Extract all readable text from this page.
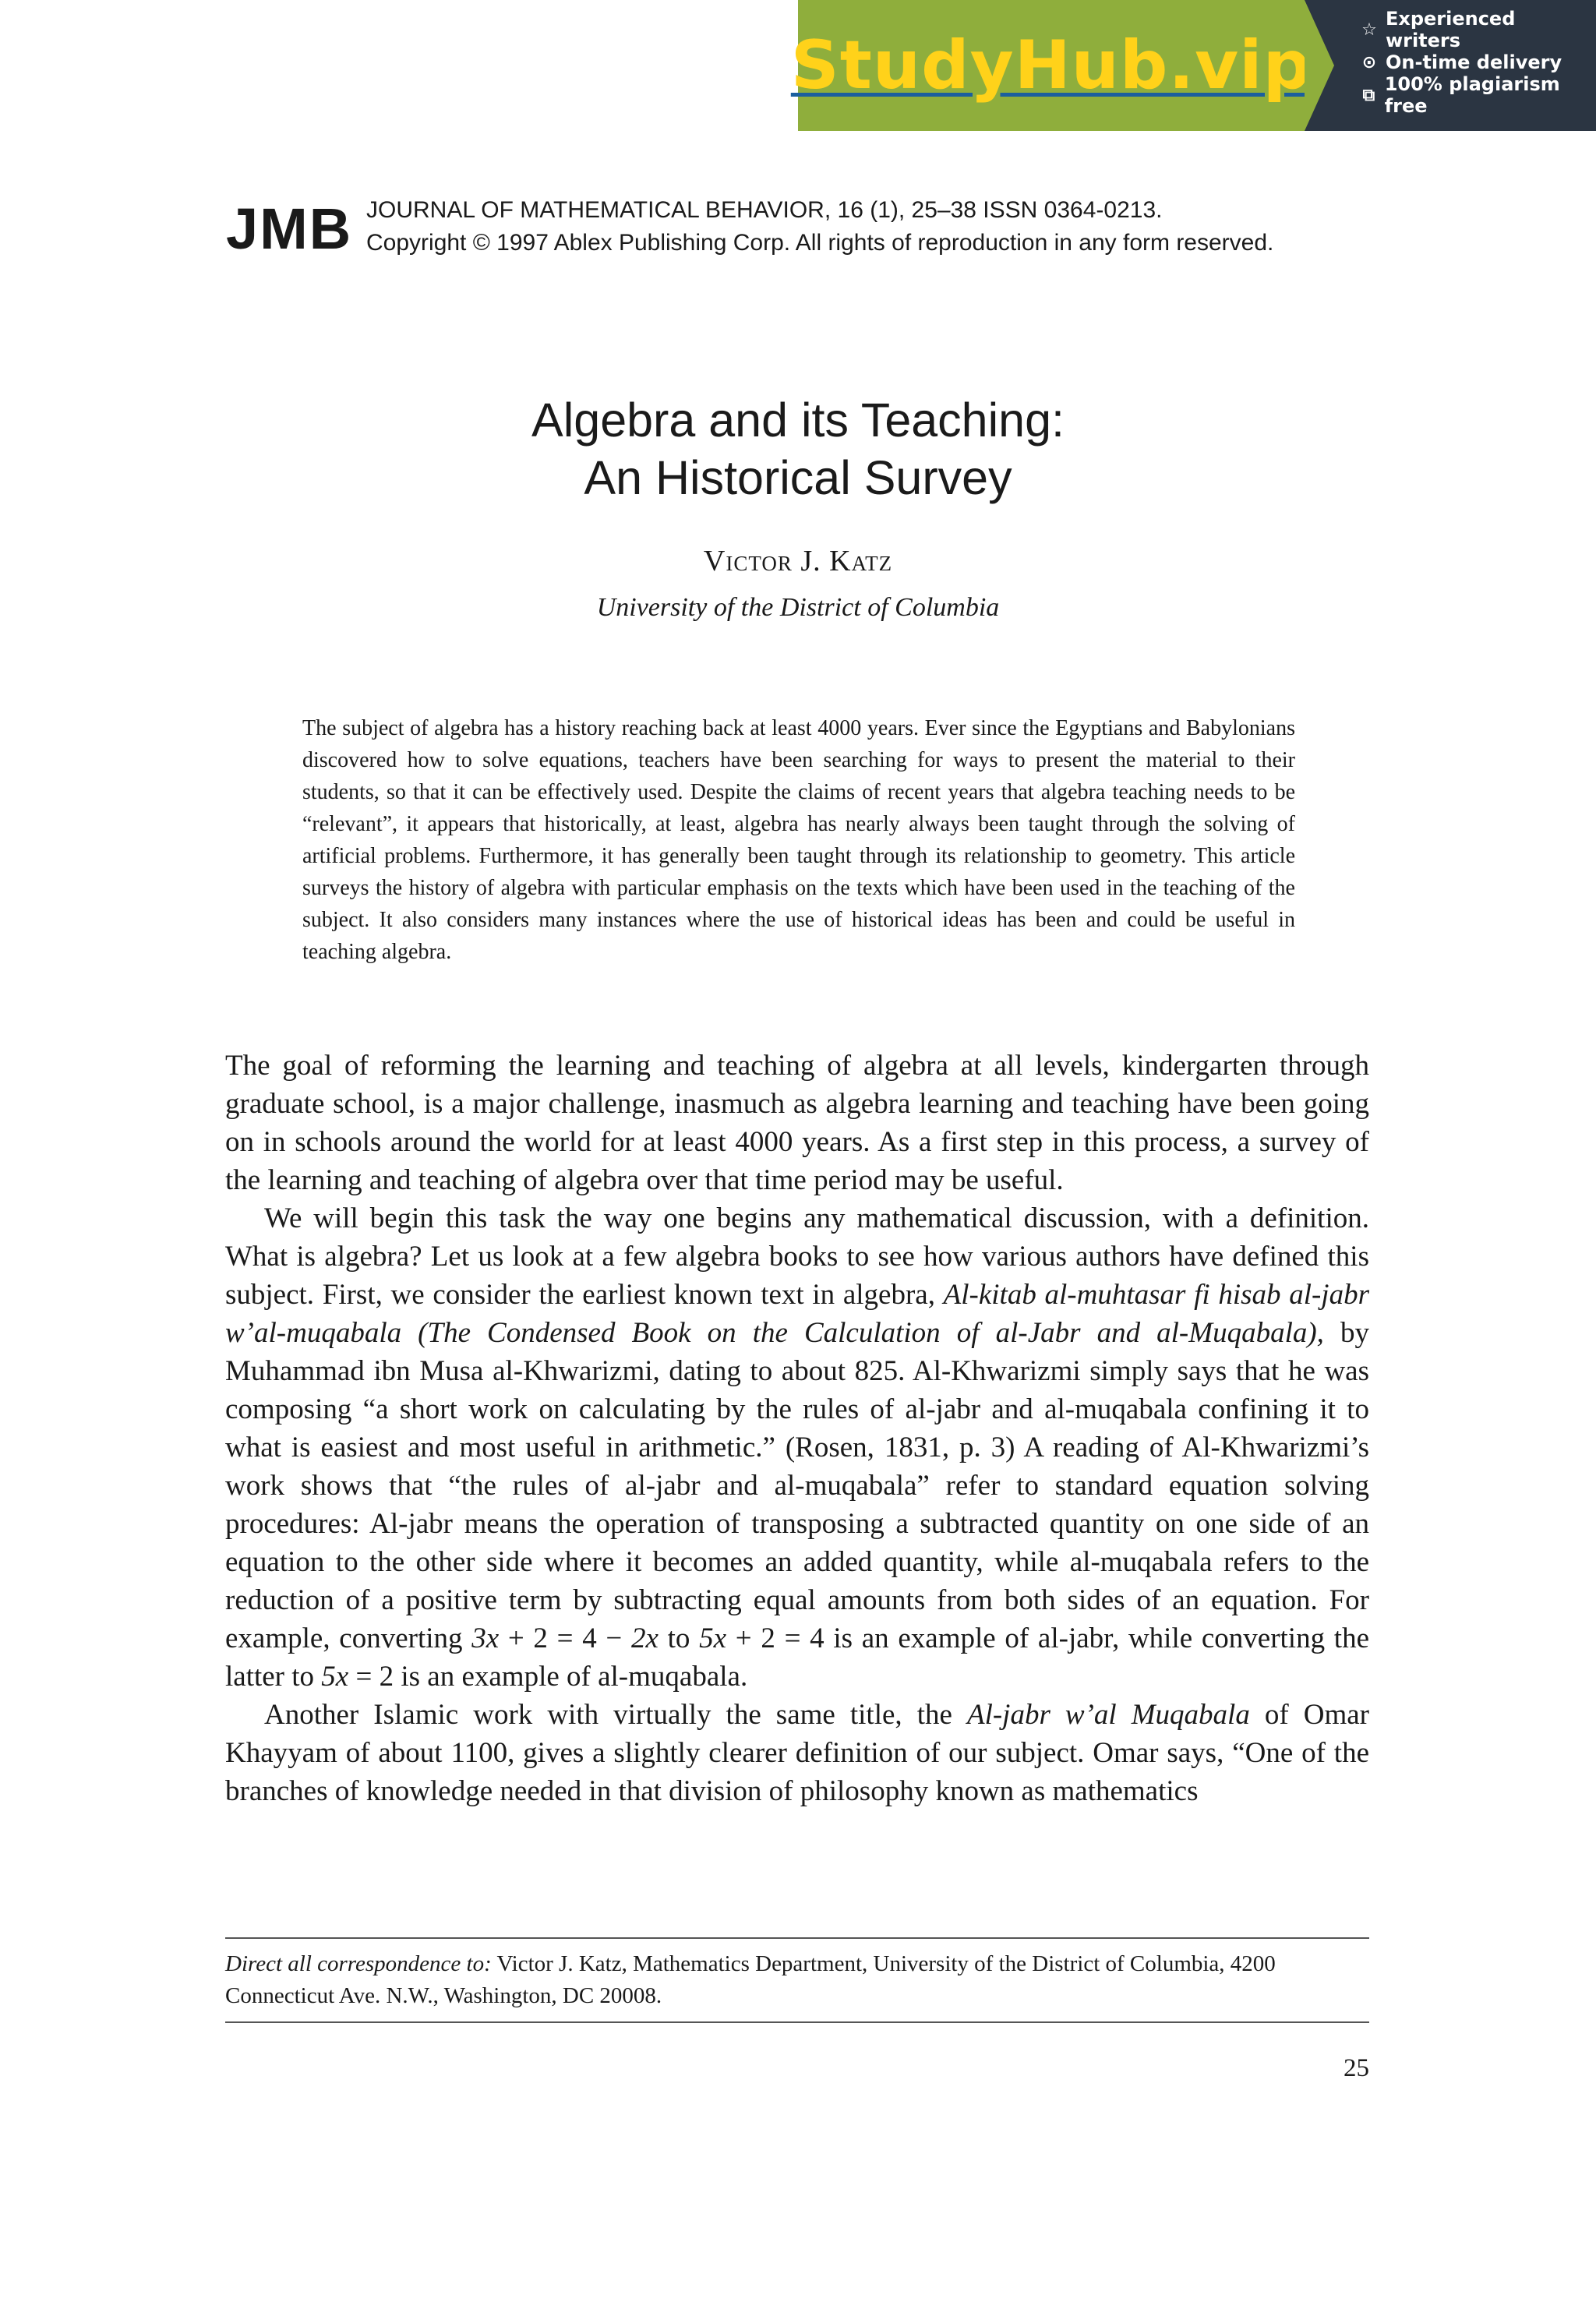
StudyHub.vip	☆ Experienced writers
⊙ On-time delivery
⧉ 100% plagiarism free
JMB JOURNAL OF MATHEMATICAL BEHAVIOR, 16 (1), 25–38 ISSN 0364-0213.
Copyright © 1997 Ablex Publishing Corp. All rights of reproduction in any form reserved.
Algebra and its Teaching:
An Historical Survey
Victor J. Katz
University of the District of Columbia
The subject of algebra has a history reaching back at least 4000 years. Ever since the Egyptians and Babylonians discovered how to solve equations, teachers have been searching for ways to present the material to their students, so that it can be effectively used. Despite the claims of recent years that algebra teaching needs to be “relevant”, it appears that historically, at least, algebra has nearly always been taught through the solving of artificial problems. Furthermore, it has generally been taught through its relationship to geometry. This article surveys the history of algebra with particular emphasis on the texts which have been used in the teaching of the subject. It also considers many instances where the use of historical ideas has been and could be useful in teaching algebra.

The goal of reforming the learning and teaching of algebra at all levels, kindergarten through graduate school, is a major challenge, inasmuch as algebra learning and teaching have been going on in schools around the world for at least 4000 years. As a first step in this process, a survey of the learning and teaching of algebra over that time period may be useful.

We will begin this task the way one begins any mathematical discussion, with a definition. What is algebra? Let us look at a few algebra books to see how various authors have defined this subject. First, we consider the earliest known text in algebra, Al-kitab al-muhtasar fi hisab al-jabr w’al-muqabala (The Condensed Book on the Calculation of al-Jabr and al-Muqabala), by Muhammad ibn Musa al-Khwarizmi, dating to about 825. Al-Khwarizmi simply says that he was composing “a short work on calculating by the rules of al-jabr and al-muqabala confining it to what is easiest and most useful in arithmetic.” (Rosen, 1831, p. 3) A reading of Al-Khwarizmi’s work shows that “the rules of al-jabr and al-muqabala” refer to standard equation solving procedures: Al-jabr means the operation of transposing a subtracted quantity on one side of an equation to the other side where it becomes an added quantity, while al-muqabala refers to the reduction of a positive term by subtracting equal amounts from both sides of an equation. For example, converting 3x + 2 = 4 − 2x to 5x + 2 = 4 is an example of al-jabr, while converting the latter to 5x = 2 is an example of al-muqabala.

Another Islamic work with virtually the same title, the Al-jabr w’al Muqabala of Omar Khayyam of about 1100, gives a slightly clearer definition of our subject. Omar says, “One of the branches of knowledge needed in that division of philosophy known as mathematics

Direct all correspondence to: Victor J. Katz, Mathematics Department, University of the District of Columbia, 4200 Connecticut Ave. N.W., Washington, DC 20008.
25
